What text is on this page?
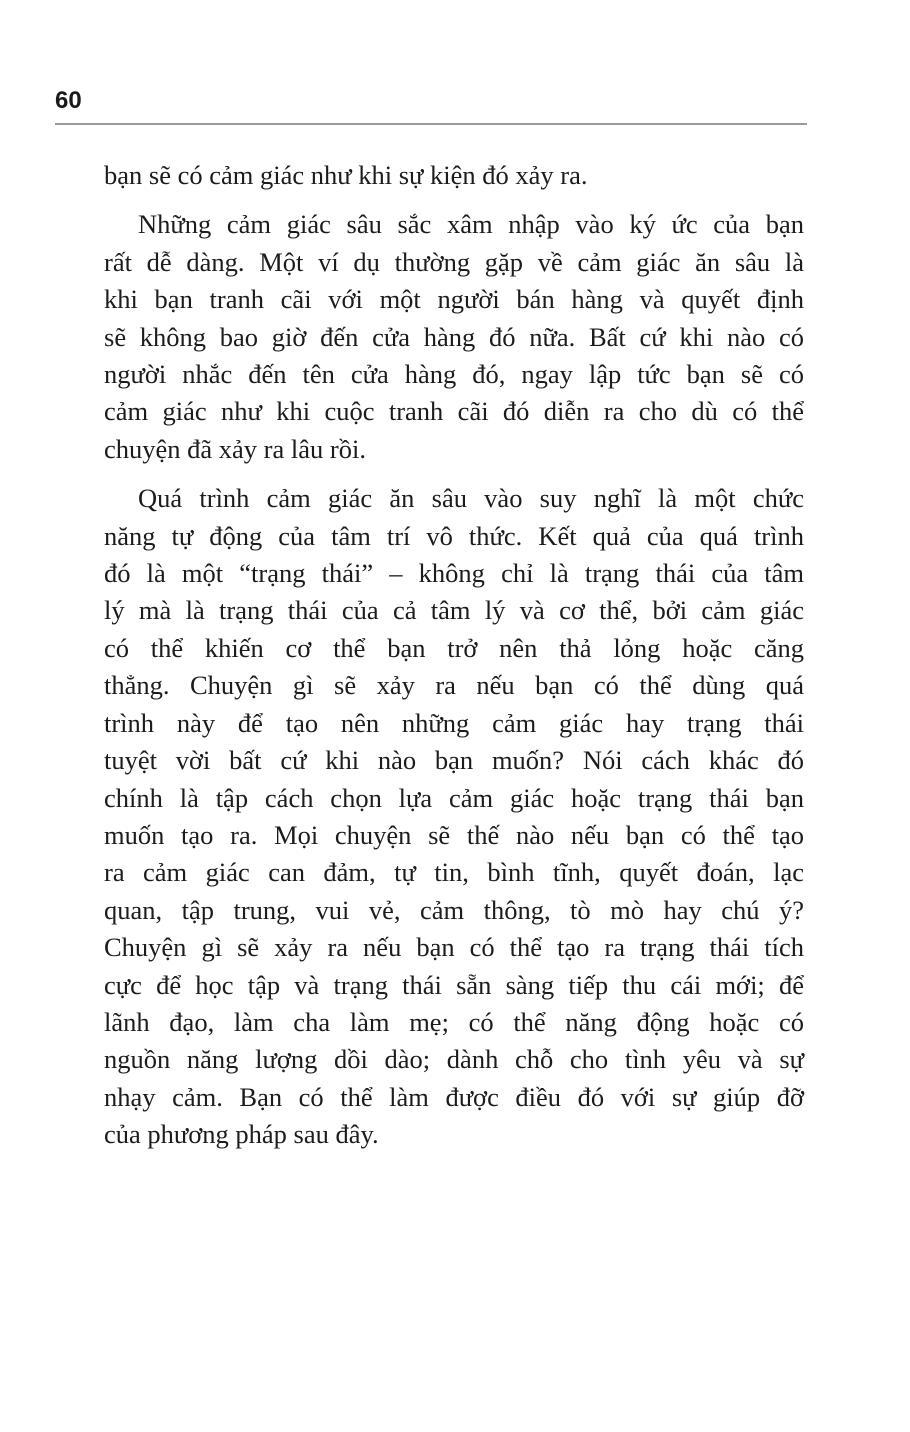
60
bạn sẽ có cảm giác như khi sự kiện đó xảy ra.
Những cảm giác sâu sắc xâm nhập vào ký ức của bạn
rất dễ dàng. Một ví dụ thường gặp về cảm giác ăn sâu là
khi bạn tranh cãi với một người bán hàng và quyết định
sẽ không bao giờ đến cửa hàng đó nữa. Bất cứ khi nào có
người nhắc đến tên cửa hàng đó, ngay lập tức bạn sẽ có
cảm giác như khi cuộc tranh cãi đó diễn ra cho dù có thể
chuyện đã xảy ra lâu rồi.
Quá trình cảm giác ăn sâu vào suy nghĩ là một chức
năng tự động của tâm trí vô thức. Kết quả của quá trình
đó là một “trạng thái” – không chỉ là trạng thái của tâm
lý mà là trạng thái của cả tâm lý và cơ thể, bởi cảm giác
có thể khiến cơ thể bạn trở nên thả lỏng hoặc căng
thẳng. Chuyện gì sẽ xảy ra nếu bạn có thể dùng quá
trình này để tạo nên những cảm giác hay trạng thái
tuyệt vời bất cứ khi nào bạn muốn? Nói cách khác đó
chính là tập cách chọn lựa cảm giác hoặc trạng thái bạn
muốn tạo ra. Mọi chuyện sẽ thế nào nếu bạn có thể tạo
ra cảm giác can đảm, tự tin, bình tĩnh, quyết đoán, lạc
quan, tập trung, vui vẻ, cảm thông, tò mò hay chú ý?
Chuyện gì sẽ xảy ra nếu bạn có thể tạo ra trạng thái tích
cực để học tập và trạng thái sẵn sàng tiếp thu cái mới; để
lãnh đạo, làm cha làm mẹ; có thể năng động hoặc có
nguồn năng lượng dồi dào; dành chỗ cho tình yêu và sự
nhạy cảm. Bạn có thể làm được điều đó với sự giúp đỡ
của phương pháp sau đây.
